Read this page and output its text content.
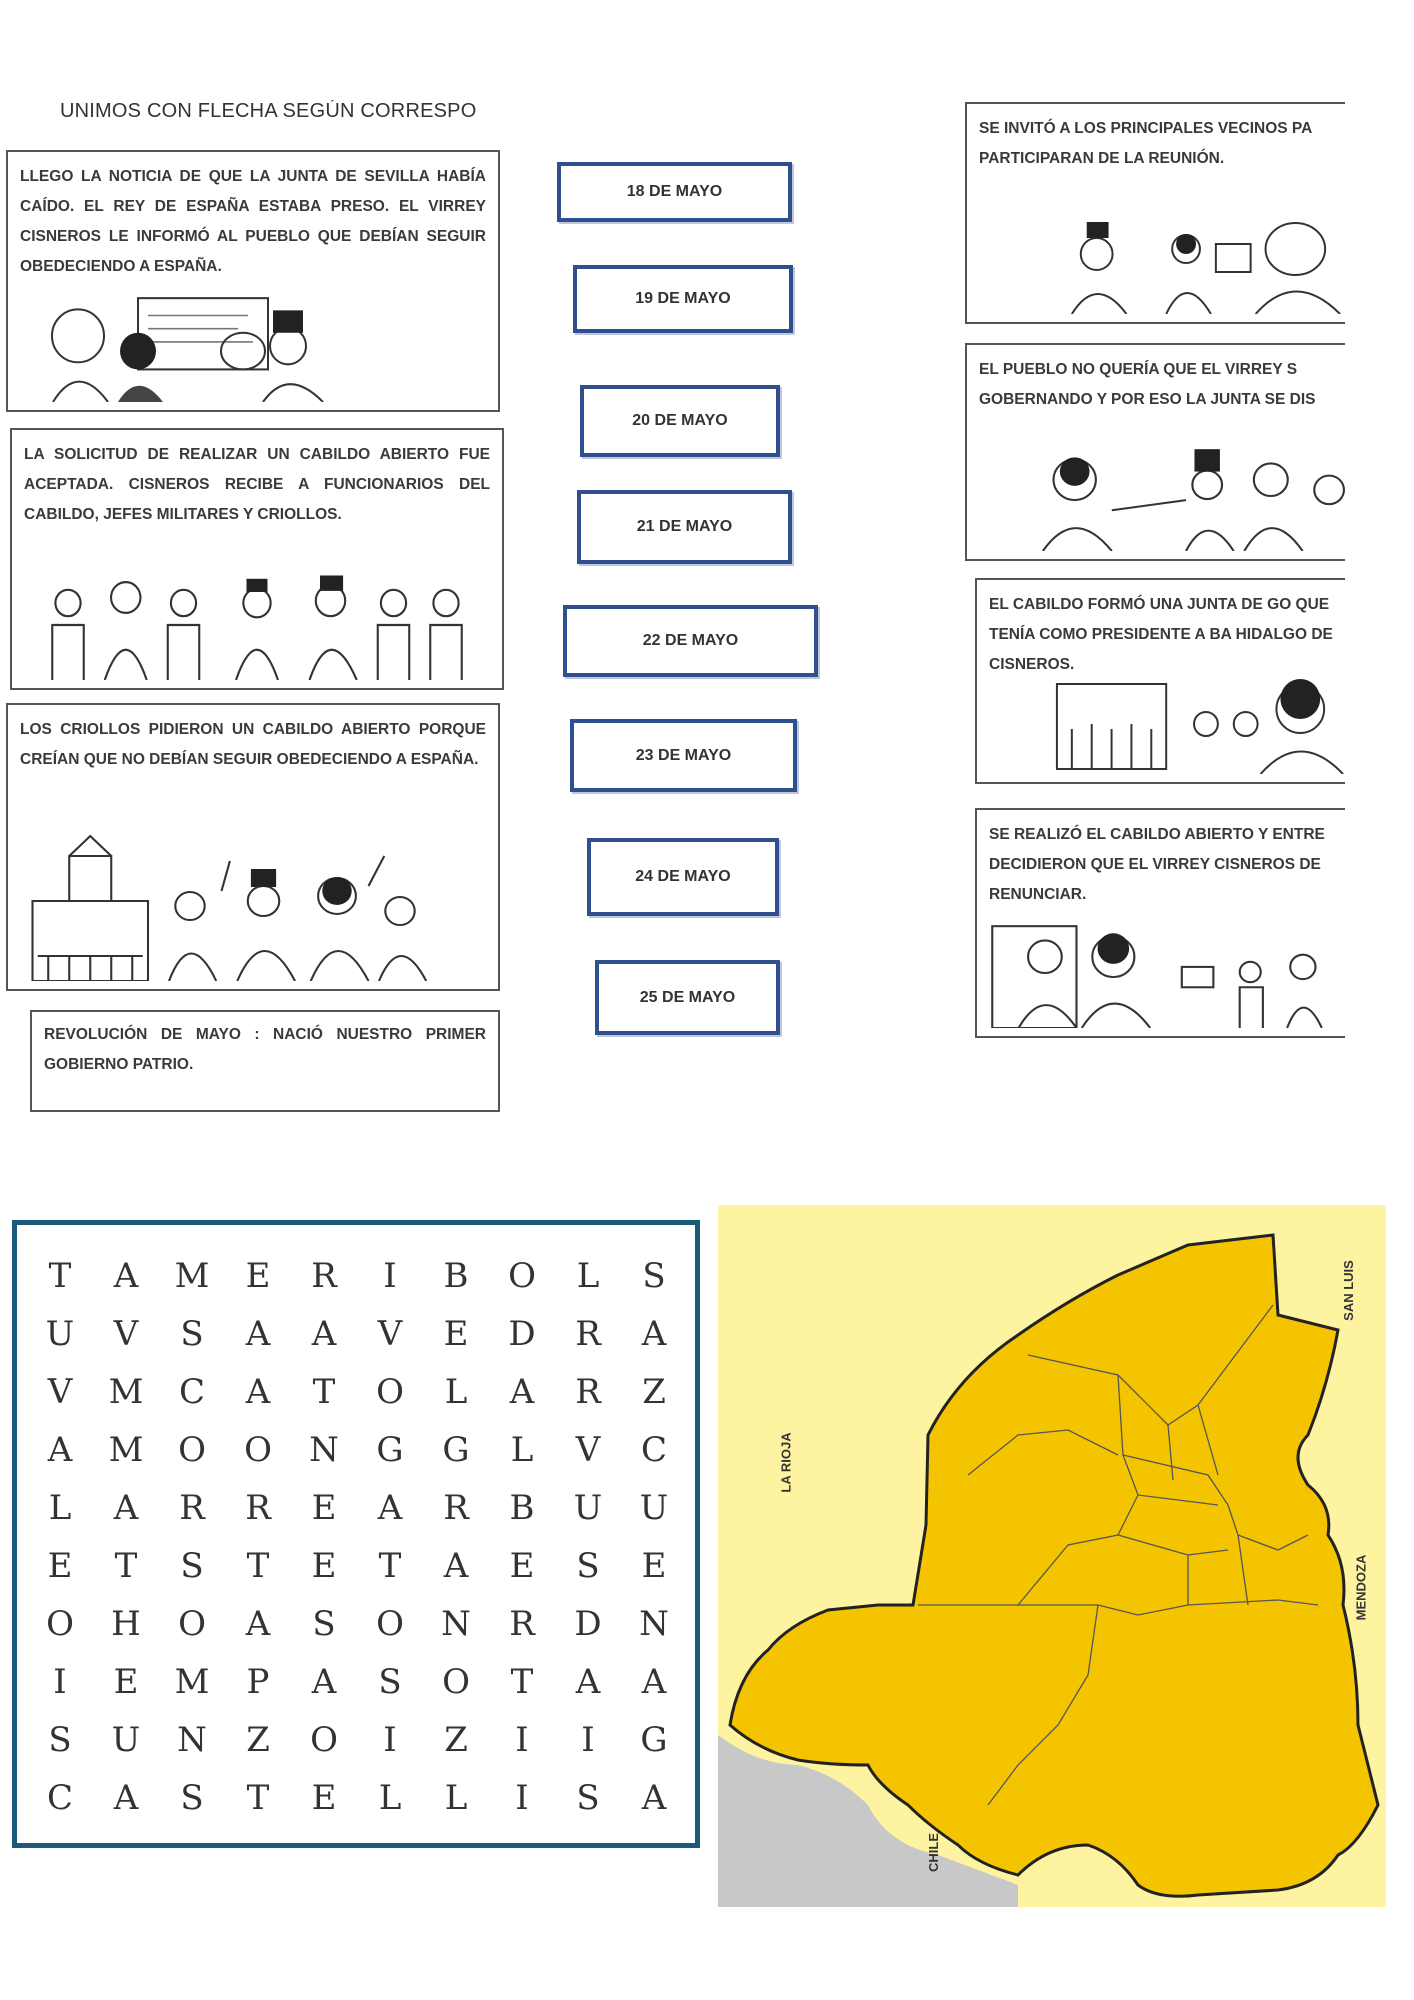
UNIMOS CON FLECHA SEGÚN CORRESPO
LLEGO LA NOTICIA DE QUE LA JUNTA DE SEVILLA HABÍA CAÍDO. EL REY DE ESPAÑA ESTABA PRESO. EL VIRREY CISNEROS LE INFORMÓ AL PUEBLO QUE DEBÍAN SEGUIR OBEDECIENDO A ESPAÑA.
LA SOLICITUD DE REALIZAR UN CABILDO ABIERTO FUE ACEPTADA. CISNEROS RECIBE A FUNCIONARIOS DEL CABILDO, JEFES MILITARES Y CRIOLLOS.
LOS CRIOLLOS PIDIERON UN CABILDO ABIERTO PORQUE CREÍAN QUE NO DEBÍAN SEGUIR OBEDECIENDO A ESPAÑA.
REVOLUCIÓN DE MAYO : NACIÓ NUESTRO PRIMER GOBIERNO PATRIO.
18 DE MAYO
19 DE MAYO
20 DE MAYO
21 DE MAYO
22 DE MAYO
23 DE MAYO
24 DE MAYO
25 DE MAYO
SE INVITÓ A LOS PRINCIPALES VECINOS PA PARTICIPARAN DE LA REUNIÓN.
EL PUEBLO NO QUERÍA QUE EL VIRREY S GOBERNANDO Y POR ESO LA JUNTA SE DIS
EL CABILDO FORMÓ UNA JUNTA DE GO QUE TENÍA COMO PRESIDENTE A BA HIDALGO DE CISNEROS.
SE REALIZÓ EL CABILDO ABIERTO Y ENTRE DECIDIERON QUE EL VIRREY CISNEROS DE RENUNCIAR.
T	A	M	E	R	I	B	O	L	S
U	V	S	A	A	V	E	D	R	A
V	M	C	A	T	O	L	A	R	Z
A	M	O	O	N	G	G	L	V	C
L	A	R	R	E	A	R	B	U	U
E	T	S	T	E	T	A	E	S	E
O	H	O	A	S	O	N	R	D	N
I	E	M	P	A	S	O	T	A	A
S	U	N	Z	O	I	Z	I	I	G
C	A	S	T	E	L	L	I	S	A
SAN LUIS
LA RIOJA
MENDOZA
CHILE
